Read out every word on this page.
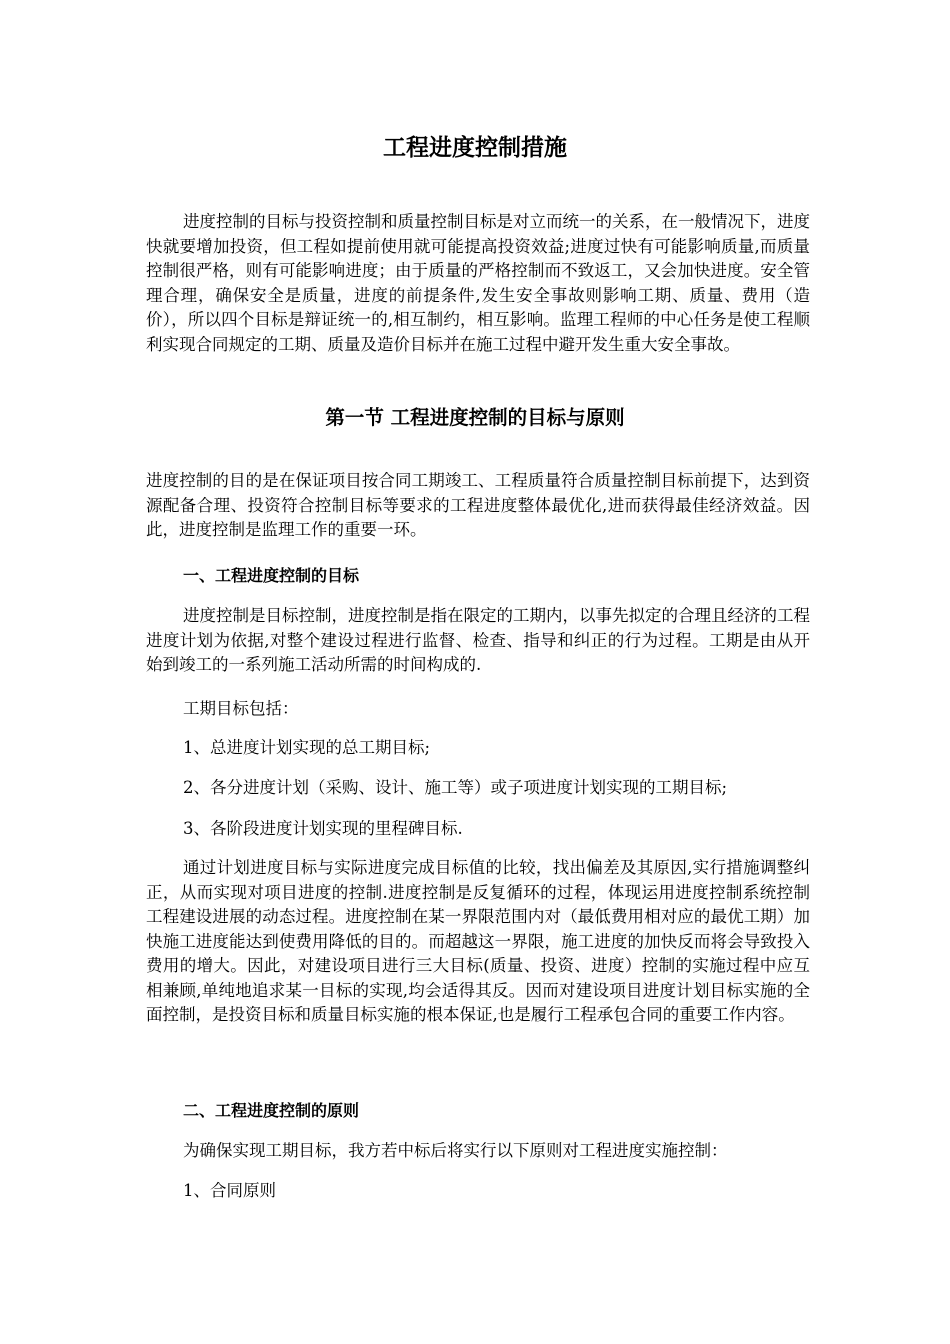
工程进度控制措施

进度控制的目标与投资控制和质量控制目标是对立而统一的关系，在一般情况下，进度快就要增加投资，但工程如提前使用就可能提高投资效益;进度过快有可能影响质量,而质量控制很严格，则有可能影响进度；由于质量的严格控制而不致返工，又会加快进度。安全管理合理，确保安全是质量，进度的前提条件,发生安全事故则影响工期、质量、费用（造价），所以四个目标是辩证统一的,相互制约，相互影响。监理工程师的中心任务是使工程顺利实现合同规定的工期、质量及造价目标并在施工过程中避开发生重大安全事故。

第一节 工程进度控制的目标与原则

进度控制的目的是在保证项目按合同工期竣工、工程质量符合质量控制目标前提下，达到资源配备合理、投资符合控制目标等要求的工程进度整体最优化,进而获得最佳经济效益。因此，进度控制是监理工作的重要一环。

一、工程进度控制的目标

进度控制是目标控制，进度控制是指在限定的工期内，以事先拟定的合理且经济的工程进度计划为依据,对整个建设过程进行监督、检查、指导和纠正的行为过程。工期是由从开始到竣工的一系列施工活动所需的时间构成的.

工期目标包括：

1、总进度计划实现的总工期目标;

2、各分进度计划（采购、设计、施工等）或子项进度计划实现的工期目标;

3、各阶段进度计划实现的里程碑目标.

通过计划进度目标与实际进度完成目标值的比较，找出偏差及其原因,实行措施调整纠正，从而实现对项目进度的控制.进度控制是反复循环的过程，体现运用进度控制系统控制工程建设进展的动态过程。进度控制在某一界限范围内对（最低费用相对应的最优工期）加快施工进度能达到使费用降低的目的。而超越这一界限，施工进度的加快反而将会导致投入费用的增大。因此，对建设项目进行三大目标(质量、投资、进度）控制的实施过程中应互相兼顾,单纯地追求某一目标的实现,均会适得其反。因而对建设项目进度计划目标实施的全面控制，是投资目标和质量目标实施的根本保证,也是履行工程承包合同的重要工作内容。

二、工程进度控制的原则

为确保实现工期目标，我方若中标后将实行以下原则对工程进度实施控制：

1、合同原则
